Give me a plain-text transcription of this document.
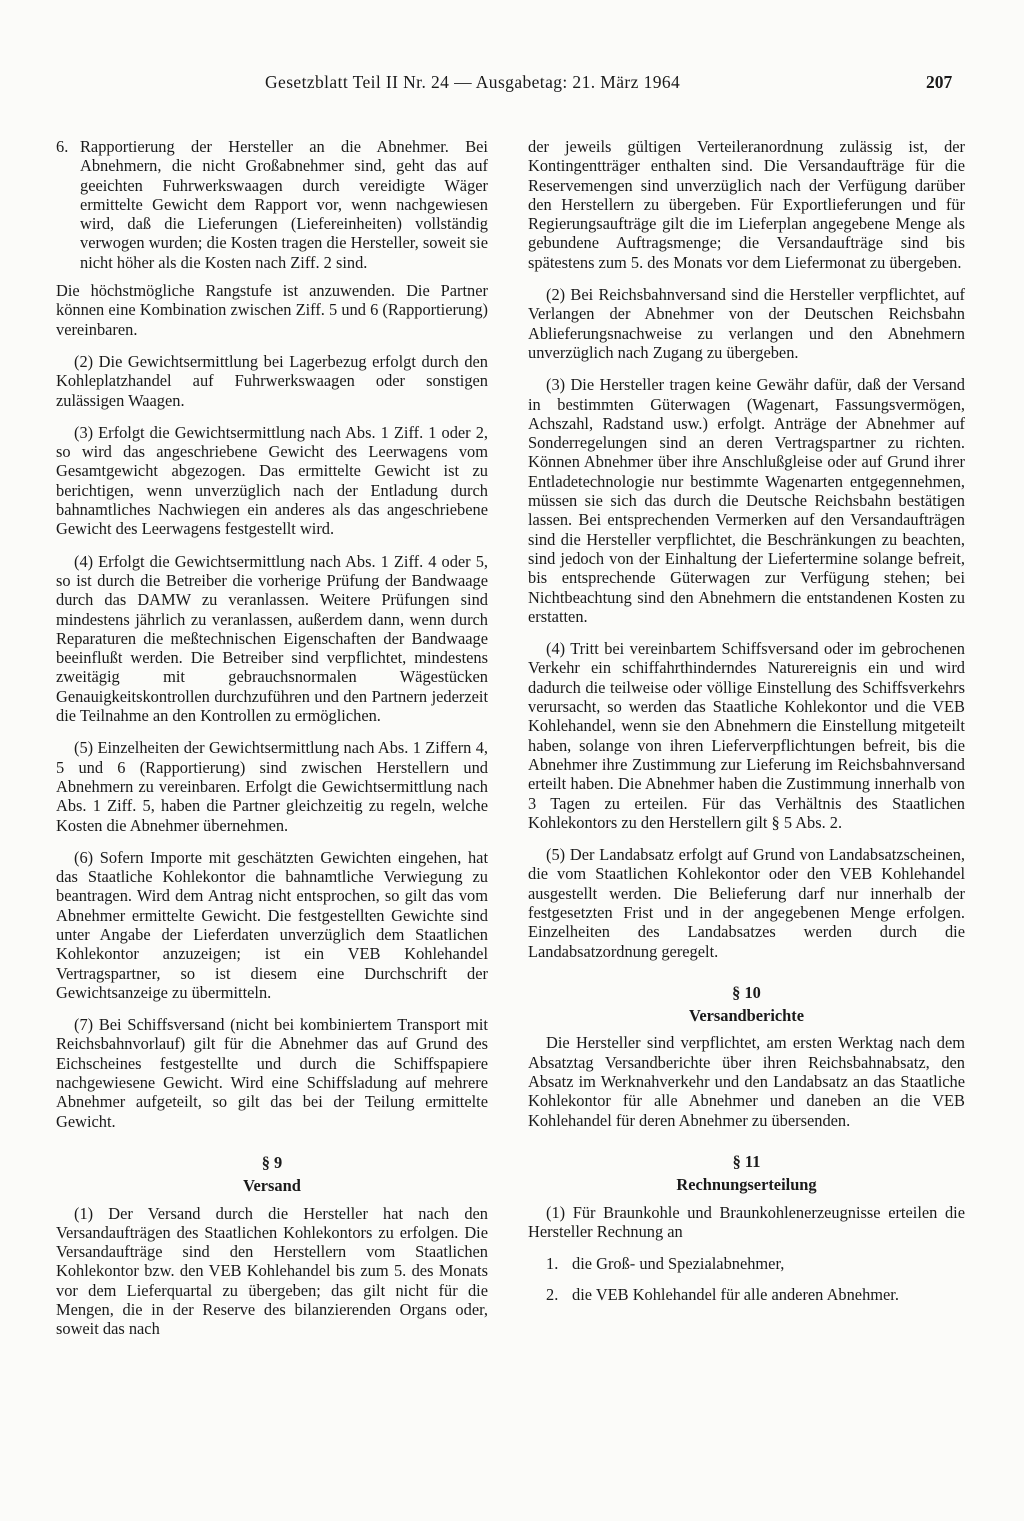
Gesetzblatt Teil II Nr. 24 — Ausgabetag: 21. März 1964	207
6. Rapportierung der Hersteller an die Abnehmer. Bei Abnehmern, die nicht Großabnehmer sind, geht das auf geeichten Fuhrwerkswaagen durch vereidigte Wäger ermittelte Gewicht dem Rapport vor, wenn nachgewiesen wird, daß die Lieferungen (Liefereinheiten) vollständig verwogen wurden; die Kosten tragen die Hersteller, soweit sie nicht höher als die Kosten nach Ziff. 2 sind.

Die höchstmögliche Rangstufe ist anzuwenden. Die Partner können eine Kombination zwischen Ziff. 5 und 6 (Rapportierung) vereinbaren.

(2) Die Gewichtsermittlung bei Lagerbezug erfolgt durch den Kohleplatzhandel auf Fuhrwerkswaagen oder sonstigen zulässigen Waagen.

(3) Erfolgt die Gewichtsermittlung nach Abs. 1 Ziff. 1 oder 2, so wird das angeschriebene Gewicht des Leerwagens vom Gesamtgewicht abgezogen. Das ermittelte Gewicht ist zu berichtigen, wenn unverzüglich nach der Entladung durch bahnamtliches Nachwiegen ein anderes als das angeschriebene Gewicht des Leerwagens festgestellt wird.

(4) Erfolgt die Gewichtsermittlung nach Abs. 1 Ziff. 4 oder 5, so ist durch die Betreiber die vorherige Prüfung der Bandwaage durch das DAMW zu veranlassen. Weitere Prüfungen sind mindestens jährlich zu veranlassen, außerdem dann, wenn durch Reparaturen die meßtechnischen Eigenschaften der Bandwaage beeinflußt werden. Die Betreiber sind verpflichtet, mindestens zweitägig mit gebrauchsnormalen Wägestücken Genauigkeitskontrollen durchzuführen und den Partnern jederzeit die Teilnahme an den Kontrollen zu ermöglichen.

(5) Einzelheiten der Gewichtsermittlung nach Abs. 1 Ziffern 4, 5 und 6 (Rapportierung) sind zwischen Herstellern und Abnehmern zu vereinbaren. Erfolgt die Gewichtsermittlung nach Abs. 1 Ziff. 5, haben die Partner gleichzeitig zu regeln, welche Kosten die Abnehmer übernehmen.

(6) Sofern Importe mit geschätzten Gewichten eingehen, hat das Staatliche Kohlekontor die bahnamtliche Verwiegung zu beantragen. Wird dem Antrag nicht entsprochen, so gilt das vom Abnehmer ermittelte Gewicht. Die festgestellten Gewichte sind unter Angabe der Lieferdaten unverzüglich dem Staatlichen Kohlekontor anzuzeigen; ist ein VEB Kohlehandel Vertragspartner, so ist diesem eine Durchschrift der Gewichtsanzeige zu übermitteln.

(7) Bei Schiffsversand (nicht bei kombiniertem Transport mit Reichsbahnvorlauf) gilt für die Abnehmer das auf Grund des Eichscheines festgestellte und durch die Schiffspapiere nachgewiesene Gewicht. Wird eine Schiffsladung auf mehrere Abnehmer aufgeteilt, so gilt das bei der Teilung ermittelte Gewicht.

§ 9
Versand

(1) Der Versand durch die Hersteller hat nach den Versandaufträgen des Staatlichen Kohlekontors zu erfolgen. Die Versandaufträge sind den Herstellern vom Staatlichen Kohlekontor bzw. den VEB Kohlehandel bis zum 5. des Monats vor dem Lieferquartal zu übergeben; das gilt nicht für die Mengen, die in der Reserve des bilanzierenden Organs oder, soweit das nach

der jeweils gültigen Verteileranordnung zulässig ist, der Kontingentträger enthalten sind. Die Versandaufträge für die Reservemengen sind unverzüglich nach der Verfügung darüber den Herstellern zu übergeben. Für Exportlieferungen und für Regierungsaufträge gilt die im Lieferplan angegebene Menge als gebundene Auftragsmenge; die Versandaufträge sind bis spätestens zum 5. des Monats vor dem Liefermonat zu übergeben.

(2) Bei Reichsbahnversand sind die Hersteller verpflichtet, auf Verlangen der Abnehmer von der Deutschen Reichsbahn Ablieferungsnachweise zu verlangen und den Abnehmern unverzüglich nach Zugang zu übergeben.

(3) Die Hersteller tragen keine Gewähr dafür, daß der Versand in bestimmten Güterwagen (Wagenart, Fassungsvermögen, Achszahl, Radstand usw.) erfolgt. Anträge der Abnehmer auf Sonderregelungen sind an deren Vertragspartner zu richten. Können Abnehmer über ihre Anschlußgleise oder auf Grund ihrer Entladetechnologie nur bestimmte Wagenarten entgegennehmen, müssen sie sich das durch die Deutsche Reichsbahn bestätigen lassen. Bei entsprechenden Vermerken auf den Versandaufträgen sind die Hersteller verpflichtet, die Beschränkungen zu beachten, sind jedoch von der Einhaltung der Liefertermine solange befreit, bis entsprechende Güterwagen zur Verfügung stehen; bei Nichtbeachtung sind den Abnehmern die entstandenen Kosten zu erstatten.

(4) Tritt bei vereinbartem Schiffsversand oder im gebrochenen Verkehr ein schiffahrthinderndes Naturereignis ein und wird dadurch die teilweise oder völlige Einstellung des Schiffsverkehrs verursacht, so werden das Staatliche Kohlekontor und die VEB Kohlehandel, wenn sie den Abnehmern die Einstellung mitgeteilt haben, solange von ihren Lieferverpflichtungen befreit, bis die Abnehmer ihre Zustimmung zur Lieferung im Reichsbahnversand erteilt haben. Die Abnehmer haben die Zustimmung innerhalb von 3 Tagen zu erteilen. Für das Verhältnis des Staatlichen Kohlekontors zu den Herstellern gilt § 5 Abs. 2.

(5) Der Landabsatz erfolgt auf Grund von Landabsatzscheinen, die vom Staatlichen Kohlekontor oder den VEB Kohlehandel ausgestellt werden. Die Belieferung darf nur innerhalb der festgesetzten Frist und in der angegebenen Menge erfolgen. Einzelheiten des Landabsatzes werden durch die Landabsatzordnung geregelt.

§ 10
Versandberichte

Die Hersteller sind verpflichtet, am ersten Werktag nach dem Absatztag Versandberichte über ihren Reichsbahnabsatz, den Absatz im Werknahverkehr und den Landabsatz an das Staatliche Kohlekontor für alle Abnehmer und daneben an die VEB Kohlehandel für deren Abnehmer zu übersenden.

§ 11
Rechnungserteilung

(1) Für Braunkohle und Braunkohlenerzeugnisse erteilen die Hersteller Rechnung an

1. die Groß- und Spezialabnehmer,
2. die VEB Kohlehandel für alle anderen Abnehmer.
